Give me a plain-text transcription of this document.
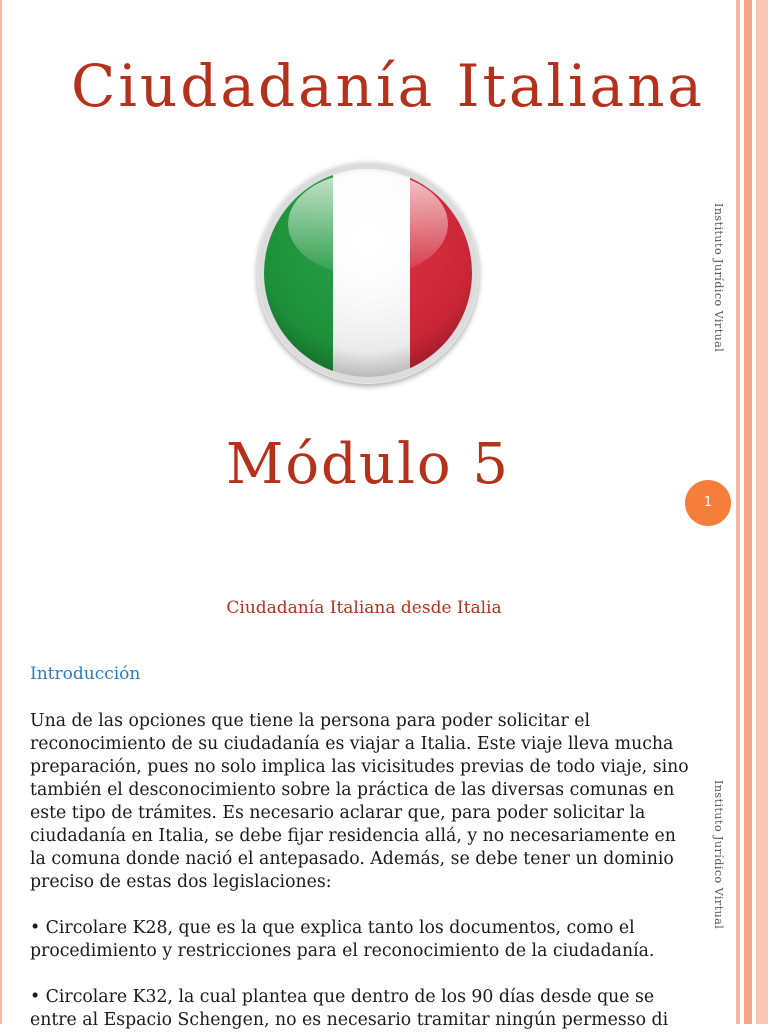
Ciudadanía Italiana
Módulo 5
1
Instituto Jurídico Virtual
Instituto Jurídico Virtual
Ciudadanía Italiana desde Italia
Introducción

Una de las opciones que tiene la persona para poder solicitar el reconocimiento de su ciudadanía es viajar a Italia. Este viaje lleva mucha preparación, pues no solo implica las vicisitudes previas de todo viaje, sino también el desconocimiento sobre la práctica de las diversas comunas en este tipo de trámites. Es necesario aclarar que, para poder solicitar la ciudadanía en Italia, se debe fijar residencia allá, y no necesariamente en la comuna donde nació el antepasado. Además, se debe tener un dominio preciso de estas dos legislaciones:

• Circolare K28, que es la que explica tanto los documentos, como el procedimiento y restricciones para el reconocimiento de la ciudadanía.
• Circolare K32, la cual plantea que dentro de los 90 días desde que se entre al Espacio Schengen, no es necesario tramitar ningún permesso di
